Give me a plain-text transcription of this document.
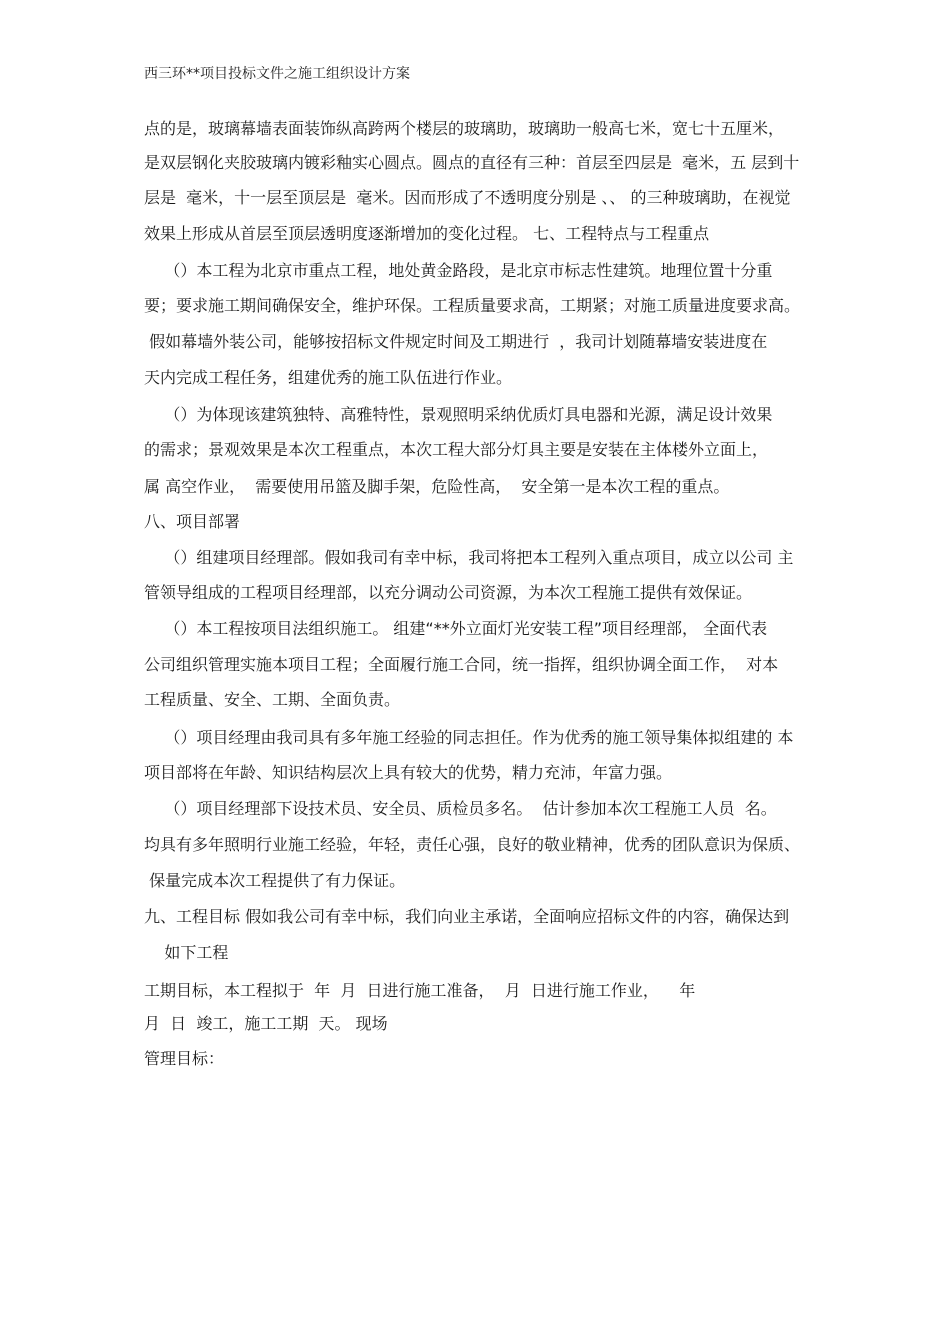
西三环**项目投标文件之施工组织设计方案
点的是，玻璃幕墙表面装饰纵高跨两个楼层的玻璃助，玻璃助一般高七米，宽七十五厘米，
是双层钢化夹胶玻璃内镀彩釉实心圆点。圆点的直径有三种：首层至四层是  毫米，五 层到十
层是  毫米，十一层至顶层是  毫米。因而形成了不透明度分别是 、、 的三种玻璃助，在视觉
效果上形成从首层至顶层透明度逐渐增加的变化过程。 七、工程特点与工程重点
（）本工程为北京市重点工程，地处黄金路段，是北京市标志性建筑。地理位置十分重
要；要求施工期间确保安全，维护环保。工程质量要求高，工期紧；对施工质量进度要求高。
假如幕墙外装公司，能够按招标文件规定时间及工期进行  ，我司计划随幕墙安装进度在
天内完成工程任务，组建优秀的施工队伍进行作业。
（）为体现该建筑独特、高雅特性，景观照明采纳优质灯具电器和光源，满足设计效果
的需求；景观效果是本次工程重点，本次工程大部分灯具主要是安装在主体楼外立面上，
属 高空作业，  需要使用吊篮及脚手架，危险性高，  安全第一是本次工程的重点。
八、项目部署
（）组建项目经理部。假如我司有幸中标，我司将把本工程列入重点项目，成立以公司 主
管领导组成的工程项目经理部，以充分调动公司资源，为本次工程施工提供有效保证。
（）本工程按项目法组织施工。 组建“**外立面灯光安装工程”项目经理部， 全面代表
公司组织管理实施本项目工程；全面履行施工合同，统一指挥，组织协调全面工作，  对本
工程质量、安全、工期、全面负责。
（）项目经理由我司具有多年施工经验的同志担任。作为优秀的施工领导集体拟组建的 本
项目部将在年龄、知识结构层次上具有较大的优势，精力充沛，年富力强。
（）项目经理部下设技术员、安全员、质检员多名。  估计参加本次工程施工人员  名。
均具有多年照明行业施工经验，年轻，责任心强，良好的敬业精神，优秀的团队意识为保质、
保量完成本次工程提供了有力保证。
九、工程目标 假如我公司有幸中标，我们向业主承诺，全面响应招标文件的内容，确保达到
如下工程
工期目标，本工程拟于  年  月  日进行施工准备，  月  日进行施工作业，    年
月  日  竣工，施工工期  天。 现场
管理目标：
